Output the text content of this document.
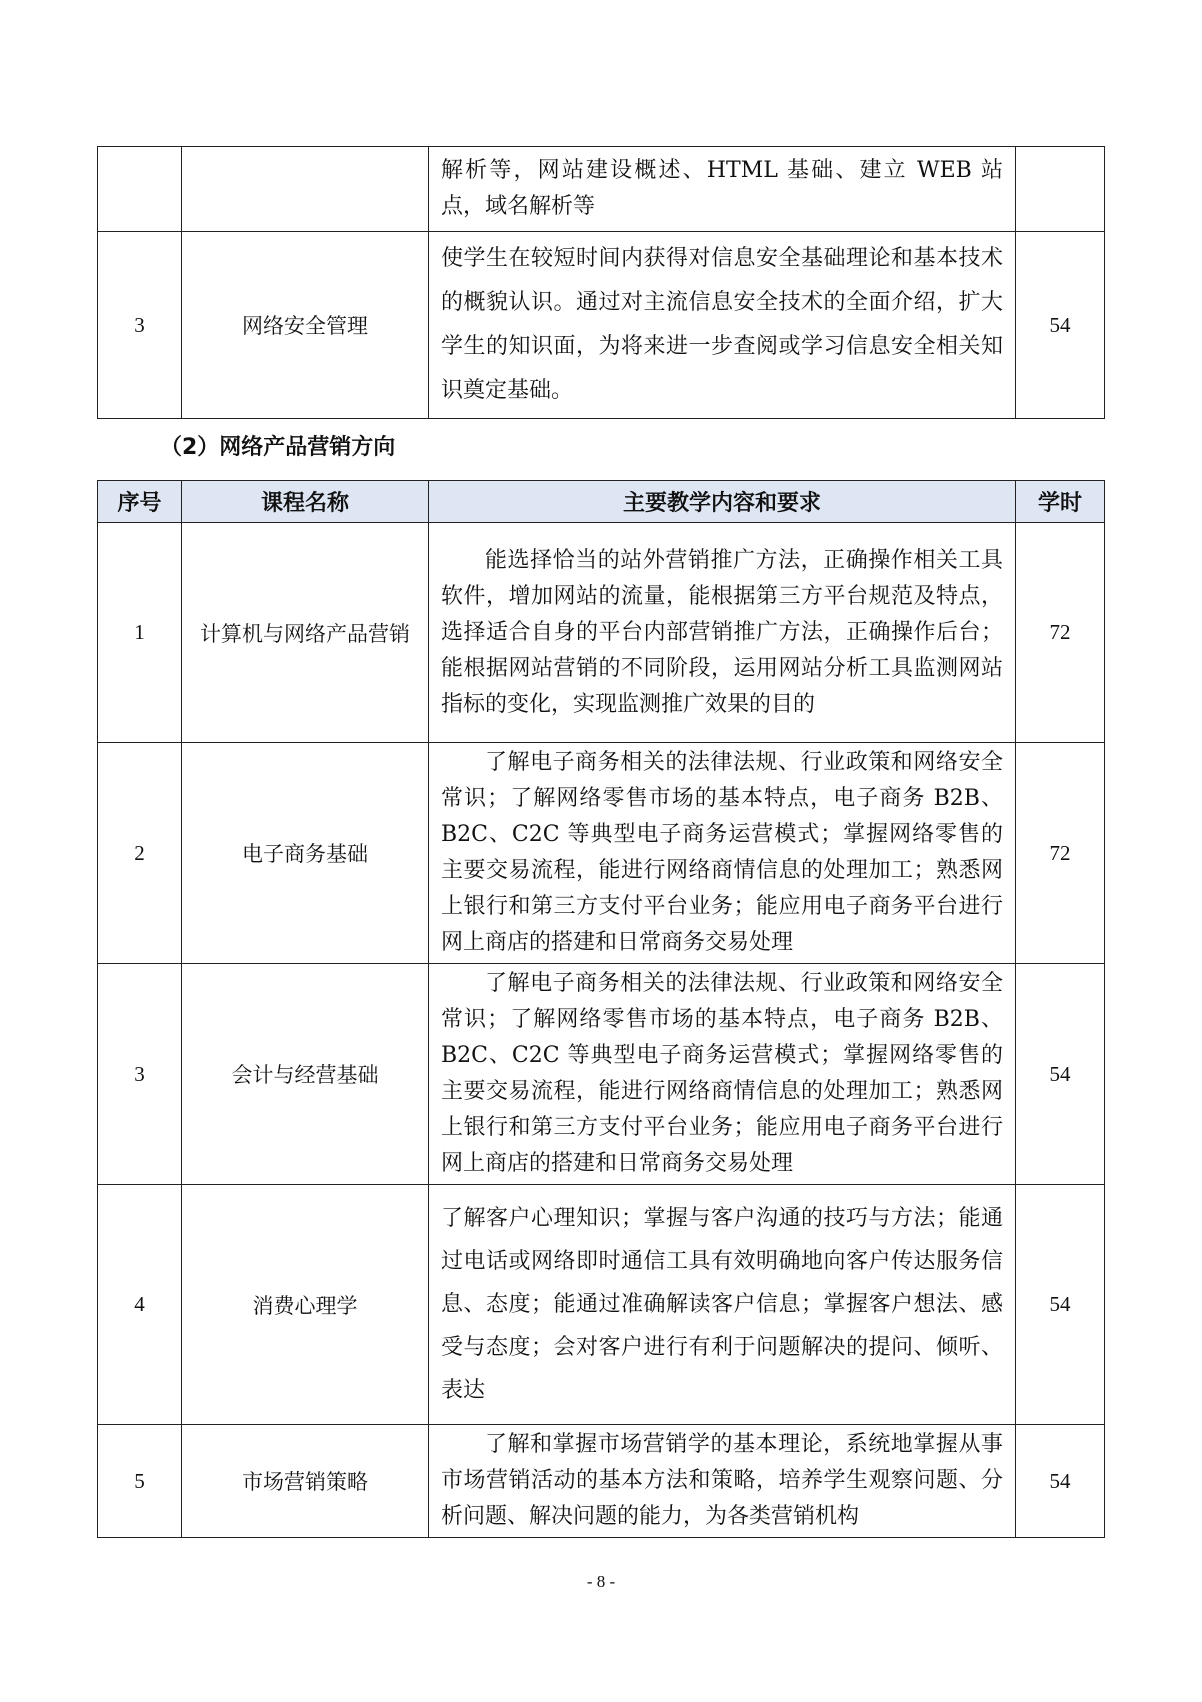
		解析等，网站建设概述、HTML 基础、建立 WEB 站点，域名解析等	
3	网络安全管理	使学生在较短时间内获得对信息安全基础理论和基本技术的概貌认识。通过对主流信息安全技术的全面介绍，扩大学生的知识面，为将来进一步查阅或学习信息安全相关知识奠定基础。	54
（2）网络产品营销方向
序号	课程名称	主要教学内容和要求	学时
1	计算机与网络产品营销	能选择恰当的站外营销推广方法，正确操作相关工具软件，增加网站的流量，能根据第三方平台规范及特点，选择适合自身的平台内部营销推广方法，正确操作后台；能根据网站营销的不同阶段，运用网站分析工具监测网站指标的变化，实现监测推广效果的目的	72
2	电子商务基础	了解电子商务相关的法律法规、行业政策和网络安全常识；了解网络零售市场的基本特点，电子商务 B2B、B2C、C2C 等典型电子商务运营模式；掌握网络零售的主要交易流程，能进行网络商情信息的处理加工；熟悉网上银行和第三方支付平台业务；能应用电子商务平台进行网上商店的搭建和日常商务交易处理	72
3	会计与经营基础	了解电子商务相关的法律法规、行业政策和网络安全常识；了解网络零售市场的基本特点，电子商务 B2B、B2C、C2C 等典型电子商务运营模式；掌握网络零售的主要交易流程，能进行网络商情信息的处理加工；熟悉网上银行和第三方支付平台业务；能应用电子商务平台进行网上商店的搭建和日常商务交易处理	54
4	消费心理学	了解客户心理知识；掌握与客户沟通的技巧与方法；能通过电话或网络即时通信工具有效明确地向客户传达服务信息、态度；能通过准确解读客户信息；掌握客户想法、感受与态度；会对客户进行有利于问题解决的提问、倾听、表达	54
5	市场营销策略	了解和掌握市场营销学的基本理论，系统地掌握从事市场营销活动的基本方法和策略，培养学生观察问题、分析问题、解决问题的能力，为各类营销机构	54
- 8 -
